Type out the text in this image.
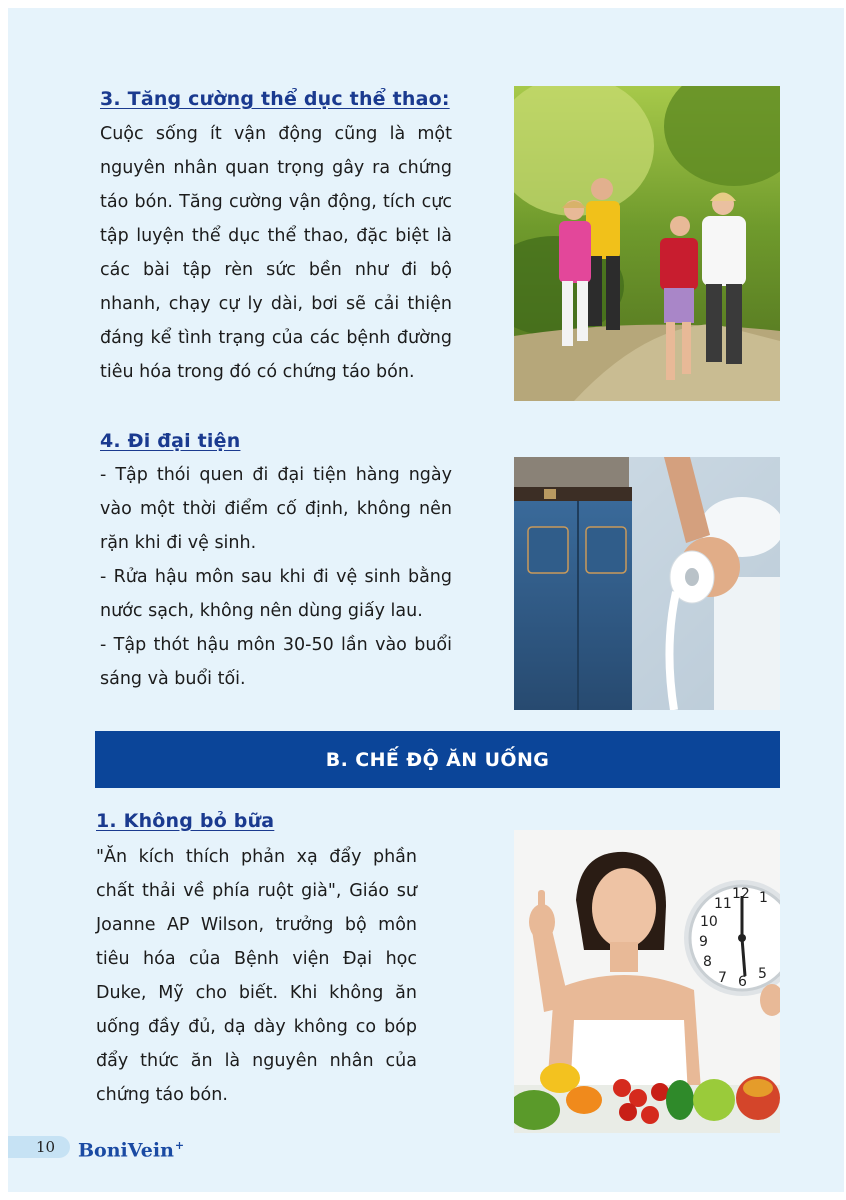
3. Tăng cường thể dục thể thao:

Cuộc sống ít vận động cũng là một nguyên nhân quan trọng gây ra chứng táo bón. Tăng cường vận động, tích cực tập luyện thể dục thể thao, đặc biệt là các bài tập rèn sức bền như đi bộ nhanh, chạy cự ly dài, bơi sẽ cải thiện đáng kể tình trạng của các bệnh đường tiêu hóa trong đó có chứng táo bón.

4. Đi đại tiện

- Tập thói quen đi đại tiện hàng ngày vào một thời điểm cố định, không nên rặn khi đi vệ sinh.

- Rửa hậu môn sau khi đi vệ sinh bằng nước sạch, không nên dùng giấy lau.

- Tập thót hậu môn 30-50 lần vào buổi sáng và buổi tối.

B. CHẾ ĐỘ ĂN UỐNG
1. Không bỏ bữa

"Ăn kích thích phản xạ đẩy phần chất thải về phía ruột già", Giáo sư Joanne AP Wilson, trưởng bộ môn tiêu hóa của Bệnh viện Đại học Duke, Mỹ cho biết. Khi không ăn uống đầy đủ, dạ dày không co bóp đẩy thức ăn là nguyên nhân của chứng táo bón.

11
12 1
10
9
8
7 6 5
10 BoniVein+
